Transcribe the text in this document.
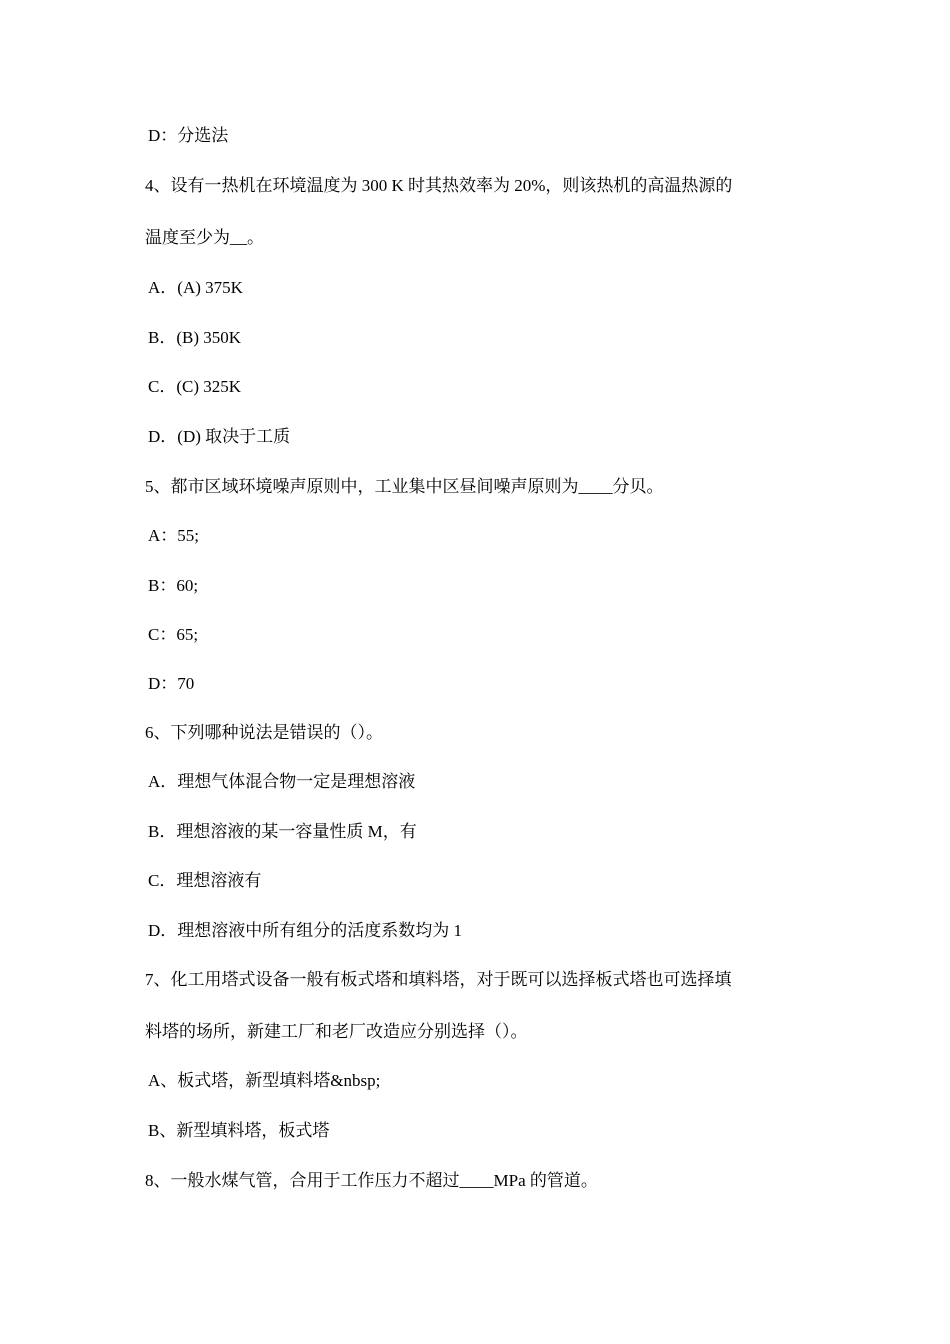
D：分选法
4、设有一热机在环境温度为 300 K 时其热效率为 20%，则该热机的高温热源的
温度至少为__。
A．(A) 375K
B．(B) 350K
C．(C) 325K
D．(D) 取决于工质
5、都市区域环境噪声原则中，工业集中区昼间噪声原则为____分贝。
A：55;
B：60;
C：65;
D：70
6、下列哪种说法是错误的（）。
A．理想气体混合物一定是理想溶液
B．理想溶液的某一容量性质 M，有
C．理想溶液有
D．理想溶液中所有组分的活度系数均为 1
7、化工用塔式设备一般有板式塔和填料塔，对于既可以选择板式塔也可选择填
料塔的场所，新建工厂和老厂改造应分别选择（）。
A、板式塔，新型填料塔&nbsp;
B、新型填料塔，板式塔
8、一般水煤气管，合用于工作压力不超过____MPa 的管道。
